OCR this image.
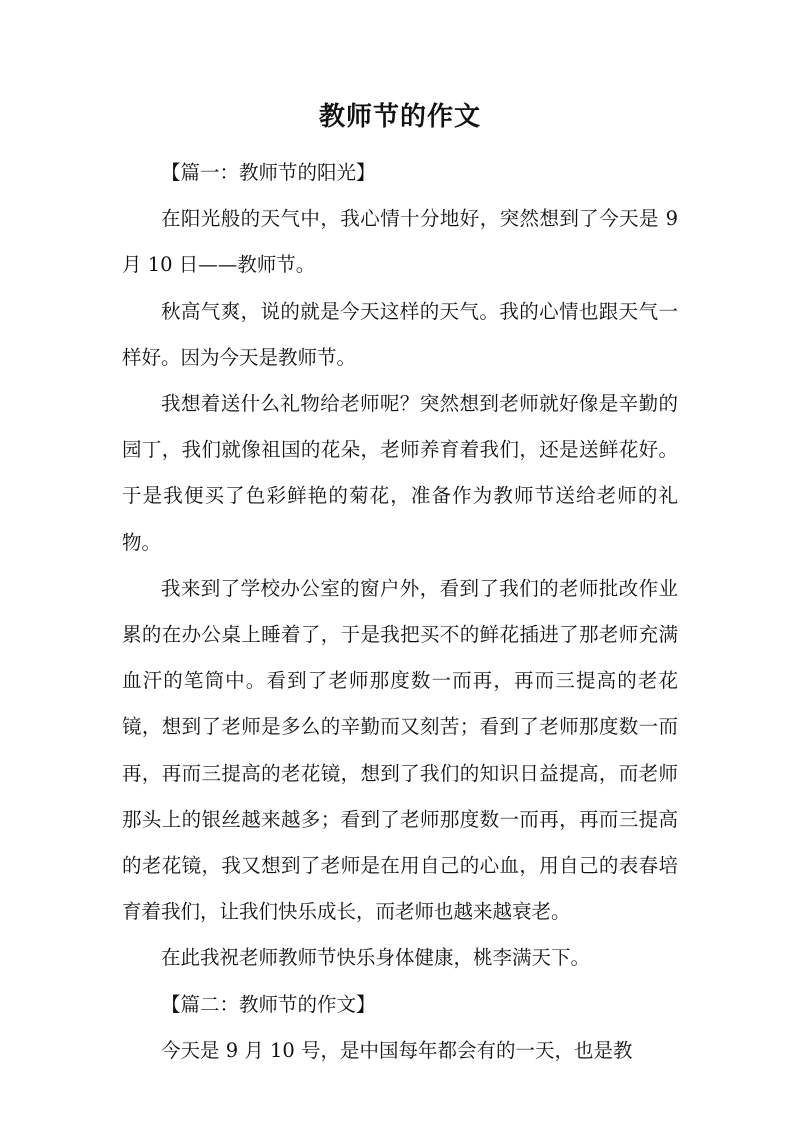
教师节的作文

【篇一：教师节的阳光】

在阳光般的天气中，我心情十分地好，突然想到了今天是 9 月 10 日——教师节。

秋高气爽，说的就是今天这样的天气。我的心情也跟天气一样好。因为今天是教师节。

我想着送什么礼物给老师呢？突然想到老师就好像是辛勤的园丁，我们就像祖国的花朵，老师养育着我们，还是送鲜花好。于是我便买了色彩鲜艳的菊花，准备作为教师节送给老师的礼物。

我来到了学校办公室的窗户外，看到了我们的老师批改作业累的在办公桌上睡着了，于是我把买不的鲜花插进了那老师充满血汗的笔筒中。看到了老师那度数一而再，再而三提高的老花镜，想到了老师是多么的辛勤而又刻苦；看到了老师那度数一而再，再而三提高的老花镜，想到了我们的知识日益提高，而老师那头上的银丝越来越多；看到了老师那度数一而再，再而三提高的老花镜，我又想到了老师是在用自己的心血，用自己的表春培育着我们，让我们快乐成长，而老师也越来越衰老。

在此我祝老师教师节快乐身体健康，桃李满天下。

【篇二：教师节的作文】

今天是 9 月 10 号，是中国每年都会有的一天，也是教
